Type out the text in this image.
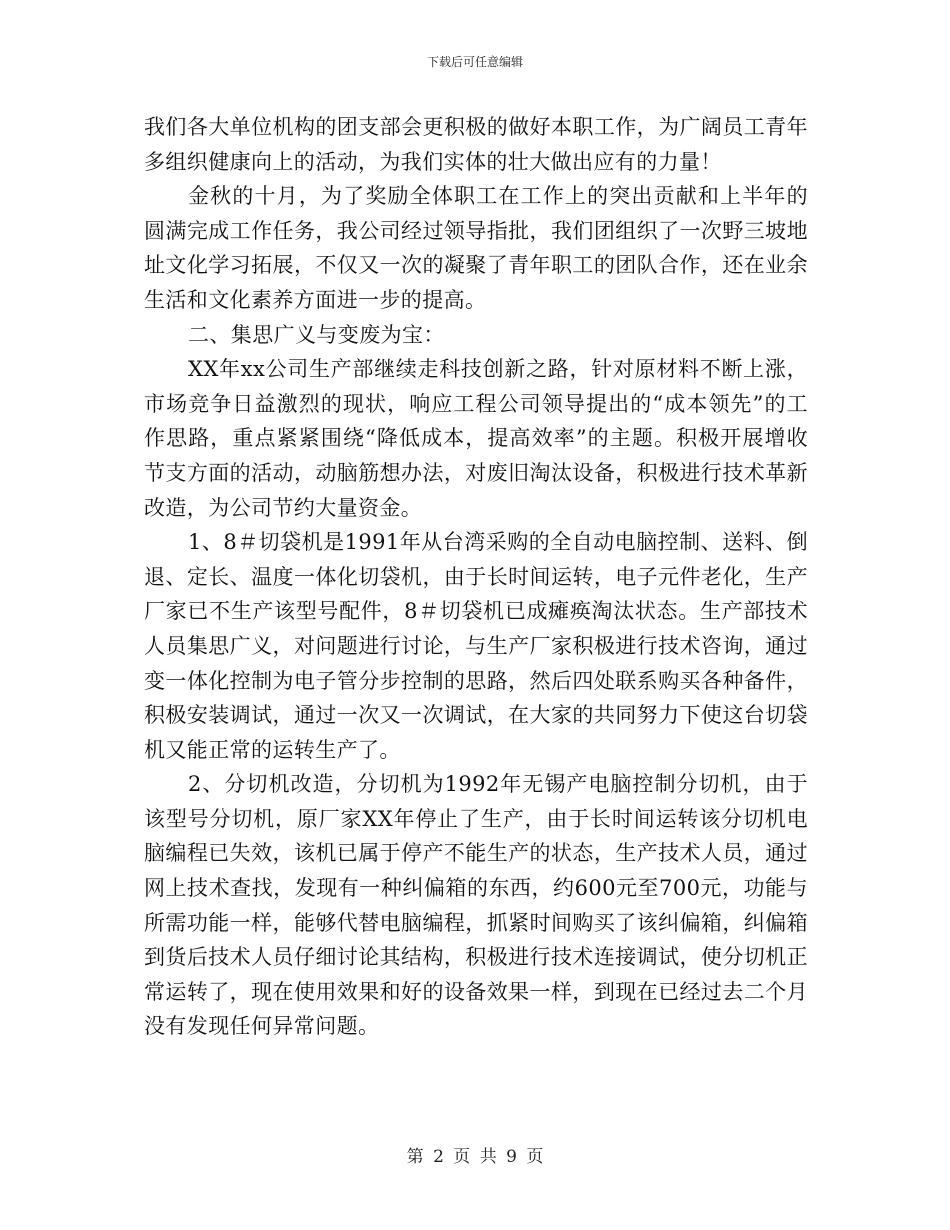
下载后可任意编辑

我们各大单位机构的团支部会更积极的做好本职工作，为广阔员工青年多组织健康向上的活动，为我们实体的壮大做出应有的力量！

金秋的十月，为了奖励全体职工在工作上的突出贡献和上半年的圆满完成工作任务，我公司经过领导指批，我们团组织了一次野三坡地址文化学习拓展，不仅又一次的凝聚了青年职工的团队合作，还在业余生活和文化素养方面进一步的提高。

二、集思广义与变废为宝：

XX年xx公司生产部继续走科技创新之路，针对原材料不断上涨，市场竞争日益激烈的现状，响应工程公司领导提出的“成本领先”的工作思路，重点紧紧围绕“降低成本，提高效率”的主题。积极开展增收节支方面的活动，动脑筋想办法，对废旧淘汰设备，积极进行技术革新改造，为公司节约大量资金。

1、8＃切袋机是1991年从台湾采购的全自动电脑控制、送料、倒退、定长、温度一体化切袋机，由于长时间运转，电子元件老化，生产厂家已不生产该型号配件，8＃切袋机已成瘫痪淘汰状态。生产部技术人员集思广义，对问题进行讨论，与生产厂家积极进行技术咨询，通过变一体化控制为电子管分步控制的思路，然后四处联系购买各种备件，积极安装调试，通过一次又一次调试，在大家的共同努力下使这台切袋机又能正常的运转生产了。

2、分切机改造，分切机为1992年无锡产电脑控制分切机，由于该型号分切机，原厂家XX年停止了生产，由于长时间运转该分切机电脑编程已失效，该机已属于停产不能生产的状态，生产技术人员，通过网上技术查找，发现有一种纠偏箱的东西，约600元至700元，功能与所需功能一样，能够代替电脑编程，抓紧时间购买了该纠偏箱，纠偏箱到货后技术人员仔细讨论其结构，积极进行技术连接调试，使分切机正常运转了，现在使用效果和好的设备效果一样，到现在已经过去二个月没有发现任何异常问题。

第 2 页 共 9 页
